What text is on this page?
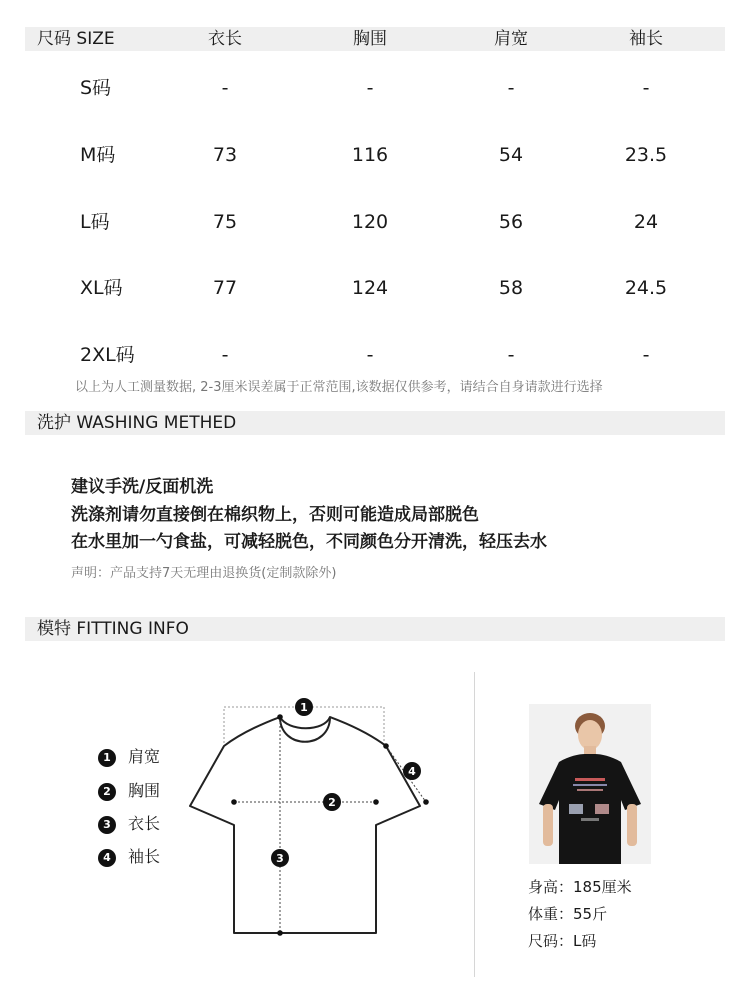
尺码 SIZE	衣长	胸围	肩宽	袖长
S码	-	-	-	-
M码	73	116	54	23.5
L码	75	120	56	24
XL码	77	124	58	24.5
2XL码	-	-	-	-
以上为人工测量数据, 2-3厘米误差属于正常范围,该数据仅供参考，请结合自身请款进行选择
洗护 WASHING METHED
建议手洗/反面机洗
洗涤剂请勿直接倒在棉织物上，否则可能造成局部脱色
在水里加一勺食盐，可减轻脱色，不同颜色分开清洗，轻压去水
声明：产品支持7天无理由退换货(定制款除外)
模特 FITTING INFO
1 肩宽
2 胸围
3 衣长
4 袖长
1
2
3
4
身高：185厘米
体重：55斤
尺码：L码
